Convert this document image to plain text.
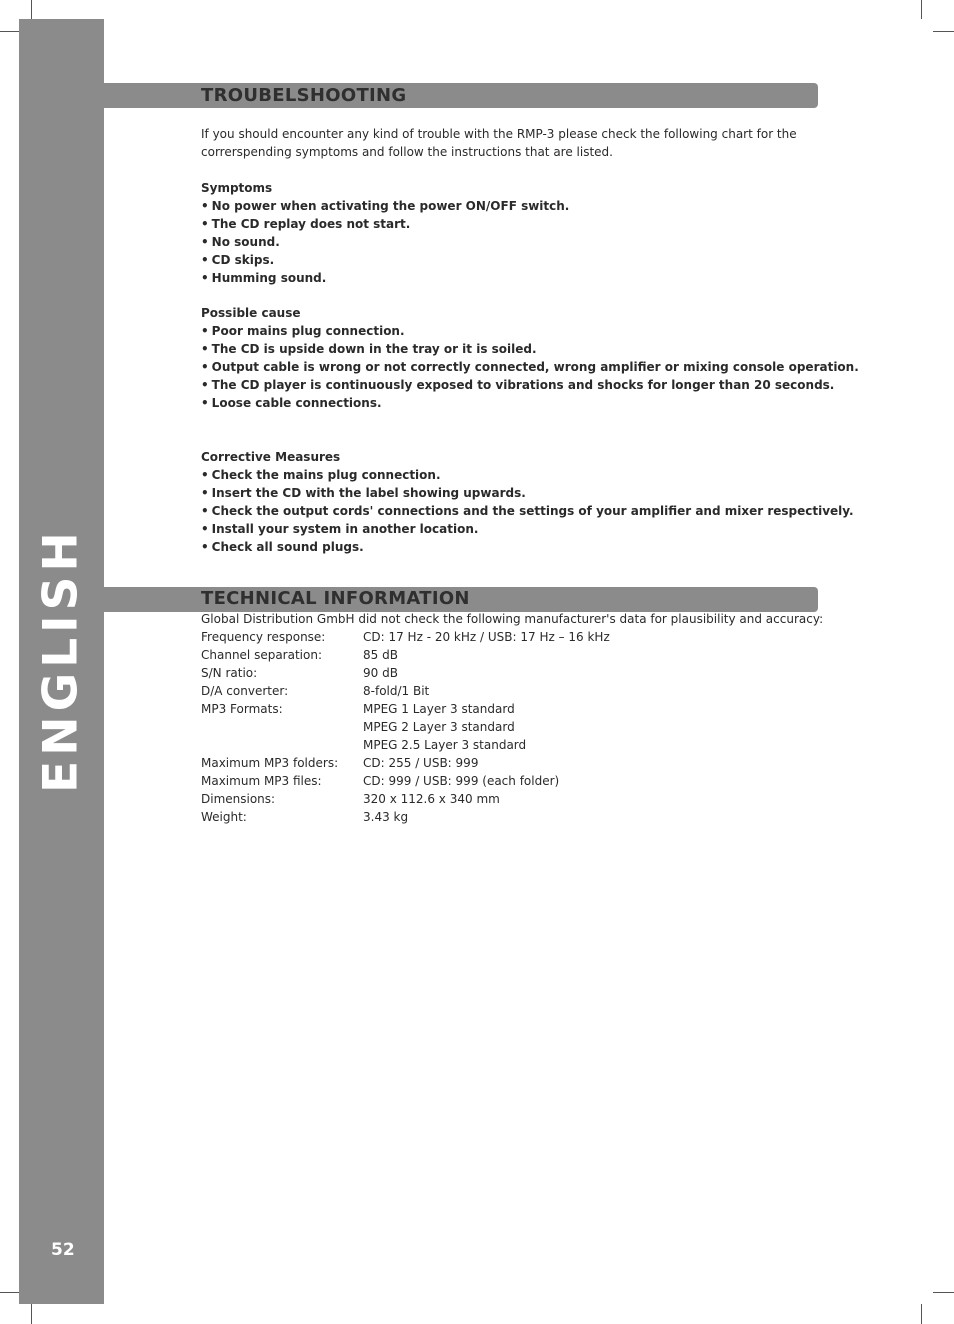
ENGLISH
52
TROUBELSHOOTING
If you should encounter any kind of trouble with the RMP-3 please check the following chart for the
correrspending symptoms and follow the instructions that are listed.
Symptoms
• No power when activating the power ON/OFF switch.
• The CD replay does not start.
• No sound.
• CD skips.
• Humming sound.
Possible cause
• Poor mains plug connection.
• The CD is upside down in the tray or it is soiled.
• Output cable is wrong or not correctly connected, wrong amplifier or mixing console operation.
• The CD player is continuously exposed to vibrations and shocks for longer than 20 seconds.
• Loose cable connections.
Corrective Measures
• Check the mains plug connection.
• Insert the CD with the label showing upwards.
• Check the output cords' connections and the settings of your amplifier and mixer respectively.
• Install your system in another location.
• Check all sound plugs.
TECHNICAL INFORMATION
Global Distribution GmbH did not check the following manufacturer's data for plausibility and accuracy:
Frequency response:	CD: 17 Hz - 20 kHz / USB: 17 Hz – 16 kHz
Channel separation:	85 dB
S/N ratio:	90 dB
D/A converter:	8-fold/1 Bit
MP3 Formats:	MPEG 1 Layer 3 standard
MPEG 2 Layer 3 standard
MPEG 2.5 Layer 3 standard
Maximum MP3 folders:	CD: 255 / USB: 999
Maximum MP3 files:	CD: 999 / USB: 999 (each folder)
Dimensions:	320 x 112.6 x 340 mm
Weight:	3.43 kg
